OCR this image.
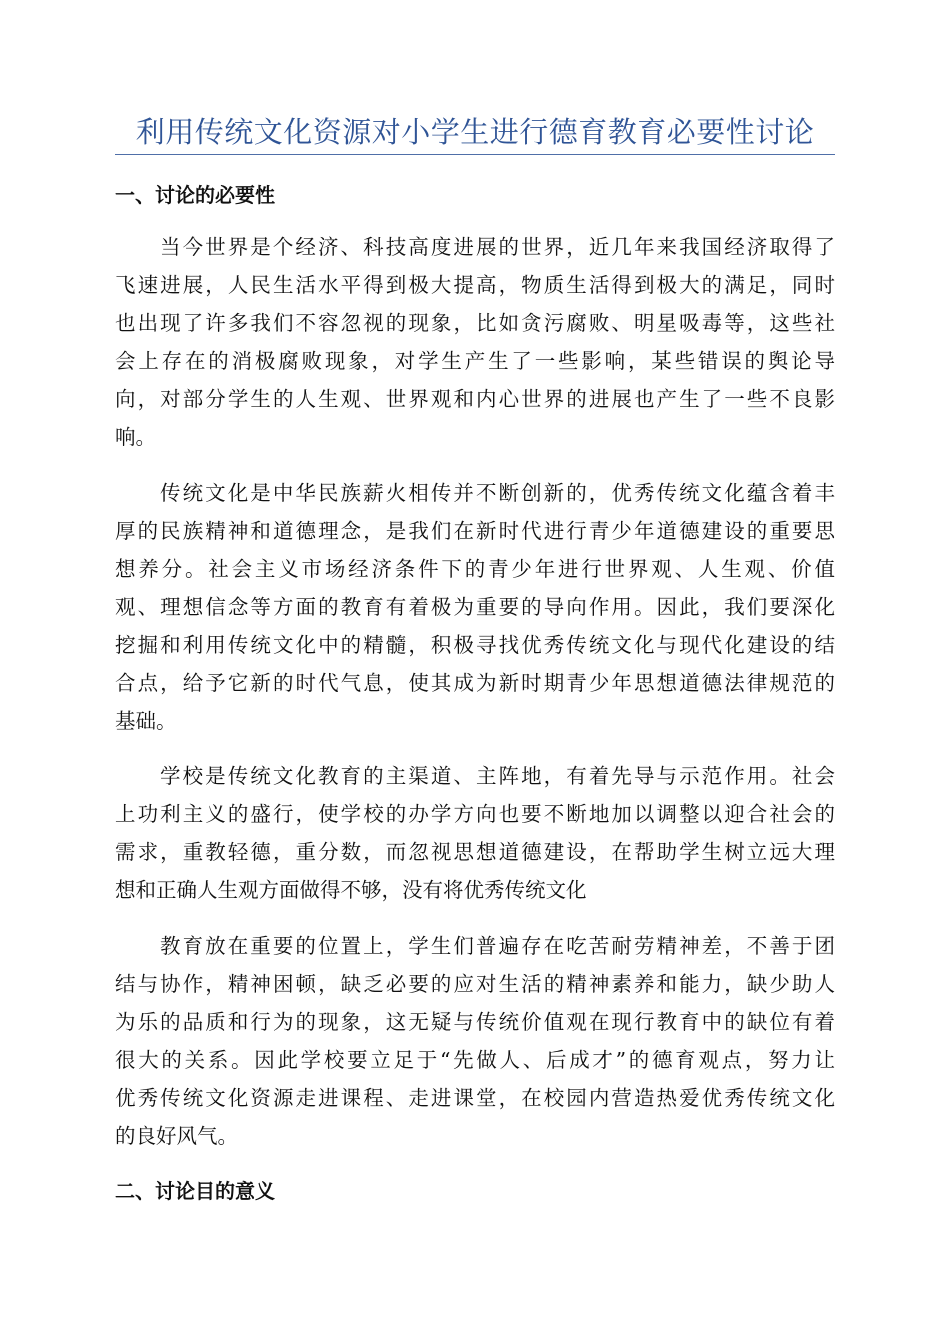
利用传统文化资源对小学生进行德育教育必要性讨论
一、讨论的必要性
当今世界是个经济、科技高度进展的世界，近几年来我国经济取得了
飞速进展，人民生活水平得到极大提高，物质生活得到极大的满足，同时
也出现了许多我们不容忽视的现象，比如贪污腐败、明星吸毒等，这些社
会上存在的消极腐败现象，对学生产生了一些影响，某些错误的舆论导
向，对部分学生的人生观、世界观和内心世界的进展也产生了一些不良影
响。
传统文化是中华民族薪火相传并不断创新的，优秀传统文化蕴含着丰
厚的民族精神和道德理念，是我们在新时代进行青少年道德建设的重要思
想养分。社会主义市场经济条件下的青少年进行世界观、人生观、价值
观、理想信念等方面的教育有着极为重要的导向作用。因此，我们要深化
挖掘和利用传统文化中的精髓，积极寻找优秀传统文化与现代化建设的结
合点，给予它新的时代气息，使其成为新时期青少年思想道德法律规范的
基础。
学校是传统文化教育的主渠道、主阵地，有着先导与示范作用。社会
上功利主义的盛行，使学校的办学方向也要不断地加以调整以迎合社会的
需求，重教轻德，重分数，而忽视思想道德建设，在帮助学生树立远大理
想和正确人生观方面做得不够，没有将优秀传统文化
教育放在重要的位置上，学生们普遍存在吃苦耐劳精神差，不善于团
结与协作，精神困顿，缺乏必要的应对生活的精神素养和能力，缺少助人
为乐的品质和行为的现象，这无疑与传统价值观在现行教育中的缺位有着
很大的关系。因此学校要立足于“先做人、后成才”的德育观点，努力让
优秀传统文化资源走进课程、走进课堂，在校园内营造热爱优秀传统文化
的良好风气。
二、讨论目的意义
